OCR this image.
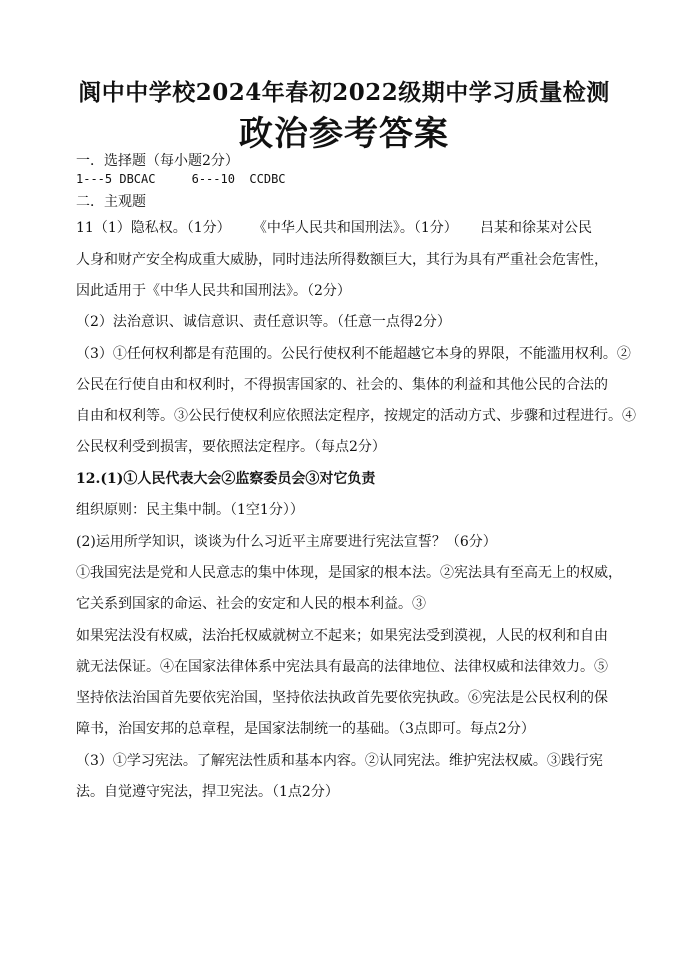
阆中中学校2024年春初2022级期中学习质量检测
政治参考答案
一．选择题（每小题2分）
1---5 DBCAC     6---10  CCDBC
二．主观题
11（1）隐私权。（1分）     《中华人民共和国刑法》。（1分）     吕某和徐某对公民
人身和财产安全构成重大威胁，同时违法所得数额巨大，其行为具有严重社会危害性，
因此适用于《中华人民共和国刑法》。（2分）
（2）法治意识、诚信意识、责任意识等。（任意一点得2分）
（3）①任何权利都是有范围的。公民行使权利不能超越它本身的界限，不能滥用权利。②
公民在行使自由和权利时，不得损害国家的、社会的、集体的利益和其他公民的合法的
自由和权利等。③公民行使权利应依照法定程序，按规定的活动方式、步骤和过程进行。④
公民权利受到损害，要依照法定程序。（每点2分）
12.(1)①人民代表大会②监察委员会③对它负责
组织原则：民主集中制。（1空1分））
(2)运用所学知识，谈谈为什么习近平主席要进行宪法宣誓？（6分）
①我国宪法是党和人民意志的集中体现，是国家的根本法。②宪法具有至高无上的权威，
它关系到国家的命运、社会的安定和人民的根本利益。③
如果宪法没有权威，法治托权威就树立不起来；如果宪法受到漠视，人民的权利和自由
就无法保证。④在国家法律体系中宪法具有最高的法律地位、法律权威和法律效力。⑤
坚持依法治国首先要依宪治国，坚持依法执政首先要依宪执政。⑥宪法是公民权利的保
障书，治国安邦的总章程，是国家法制统一的基础。（3点即可。每点2分）
（3）①学习宪法。了解宪法性质和基本内容。②认同宪法。维护宪法权威。③践行宪
法。自觉遵守宪法，捍卫宪法。（1点2分）
